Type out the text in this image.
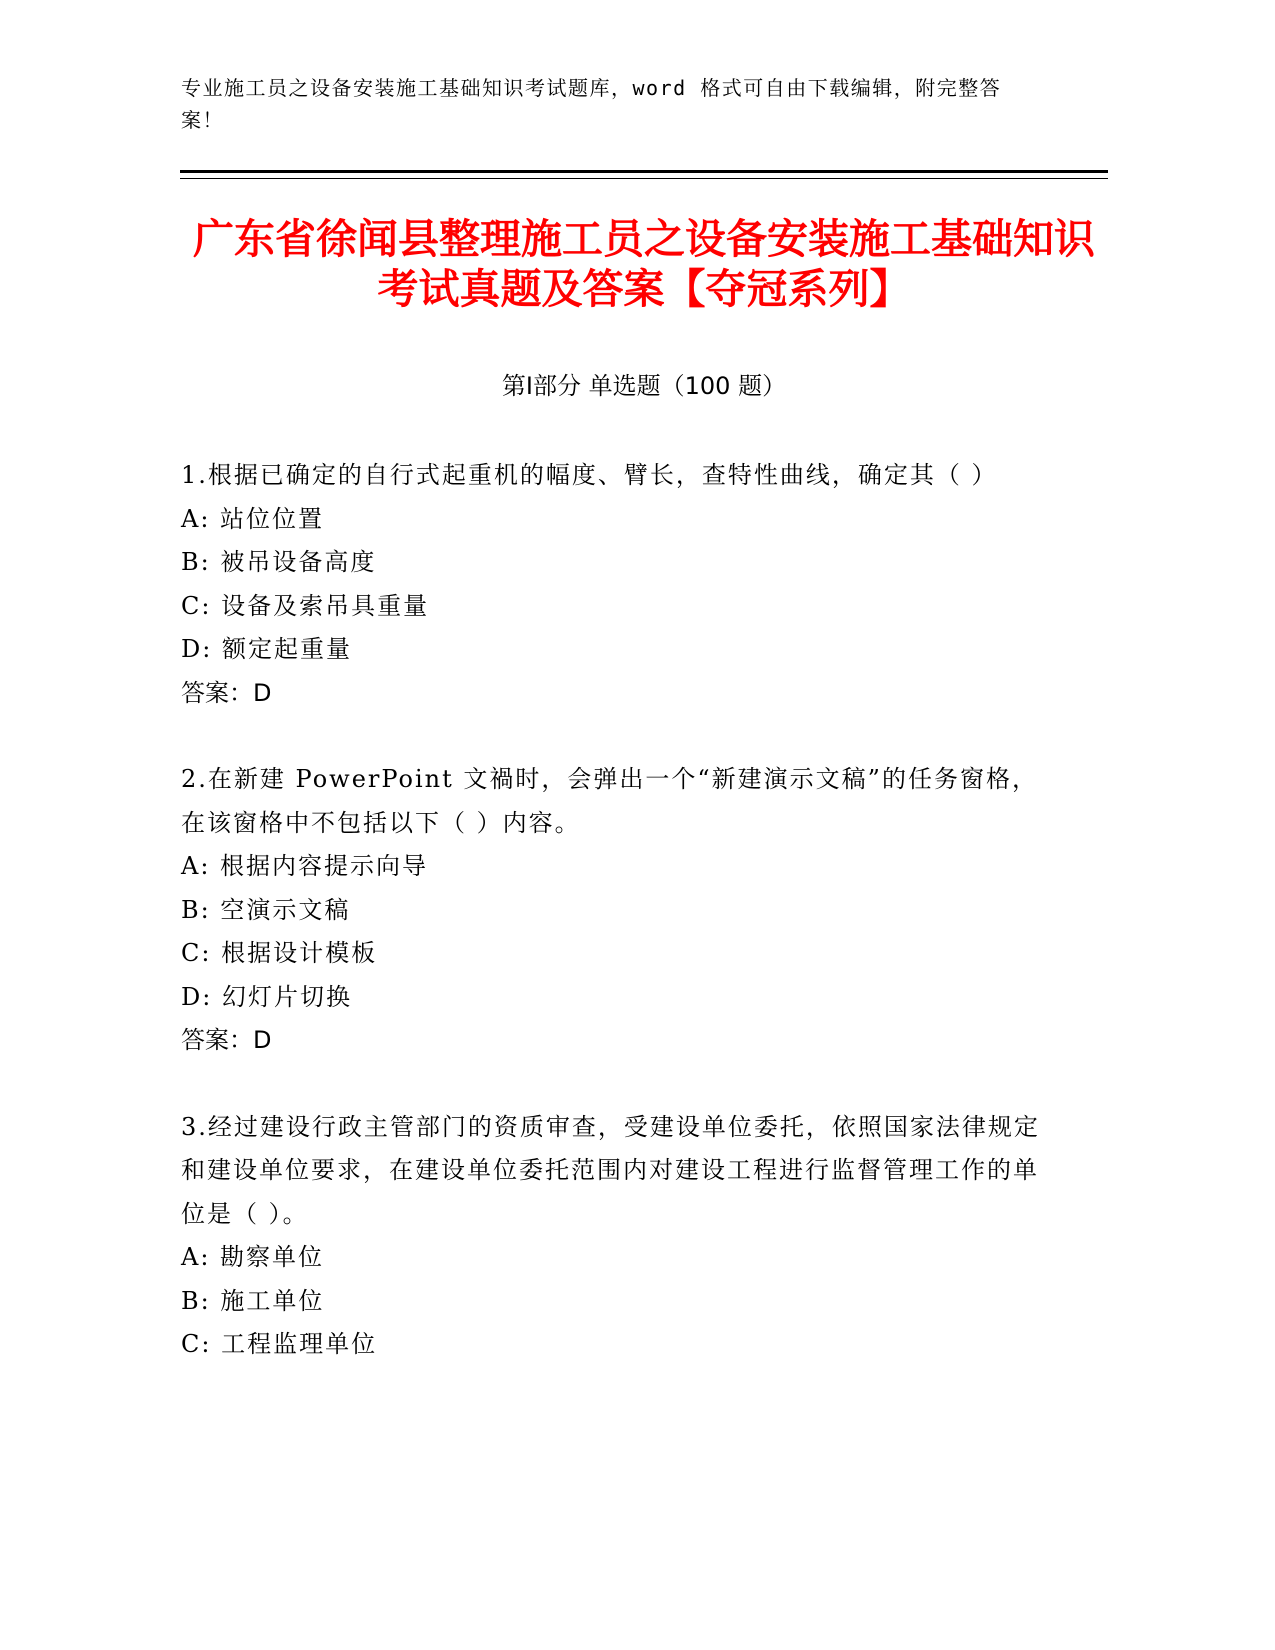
专业施工员之设备安装施工基础知识考试题库，word 格式可自由下载编辑，附完整答案！
广东省徐闻县整理施工员之设备安装施工基础知识考试真题及答案【夺冠系列】
第Ⅰ部分 单选题（100 题）
1.根据已确定的自行式起重机的幅度、臂长，查特性曲线，确定其（ ）
A: 站位位置
B: 被吊设备高度
C: 设备及索吊具重量
D: 额定起重量
答案：D
2.在新建 PowerPoint 文禍时，会弹出一个“新建演示文稿”的任务窗格，在该窗格中不包括以下（ ）内容。
A: 根据内容提示向导
B: 空演示文稿
C: 根据设计模板
D: 幻灯片切换
答案：D
3.经过建设行政主管部门的资质审查，受建设单位委托，依照国家法律规定和建设单位要求，在建设单位委托范围内对建设工程进行监督管理工作的单位是（ ）。
A: 勘察单位
B: 施工单位
C: 工程监理单位
